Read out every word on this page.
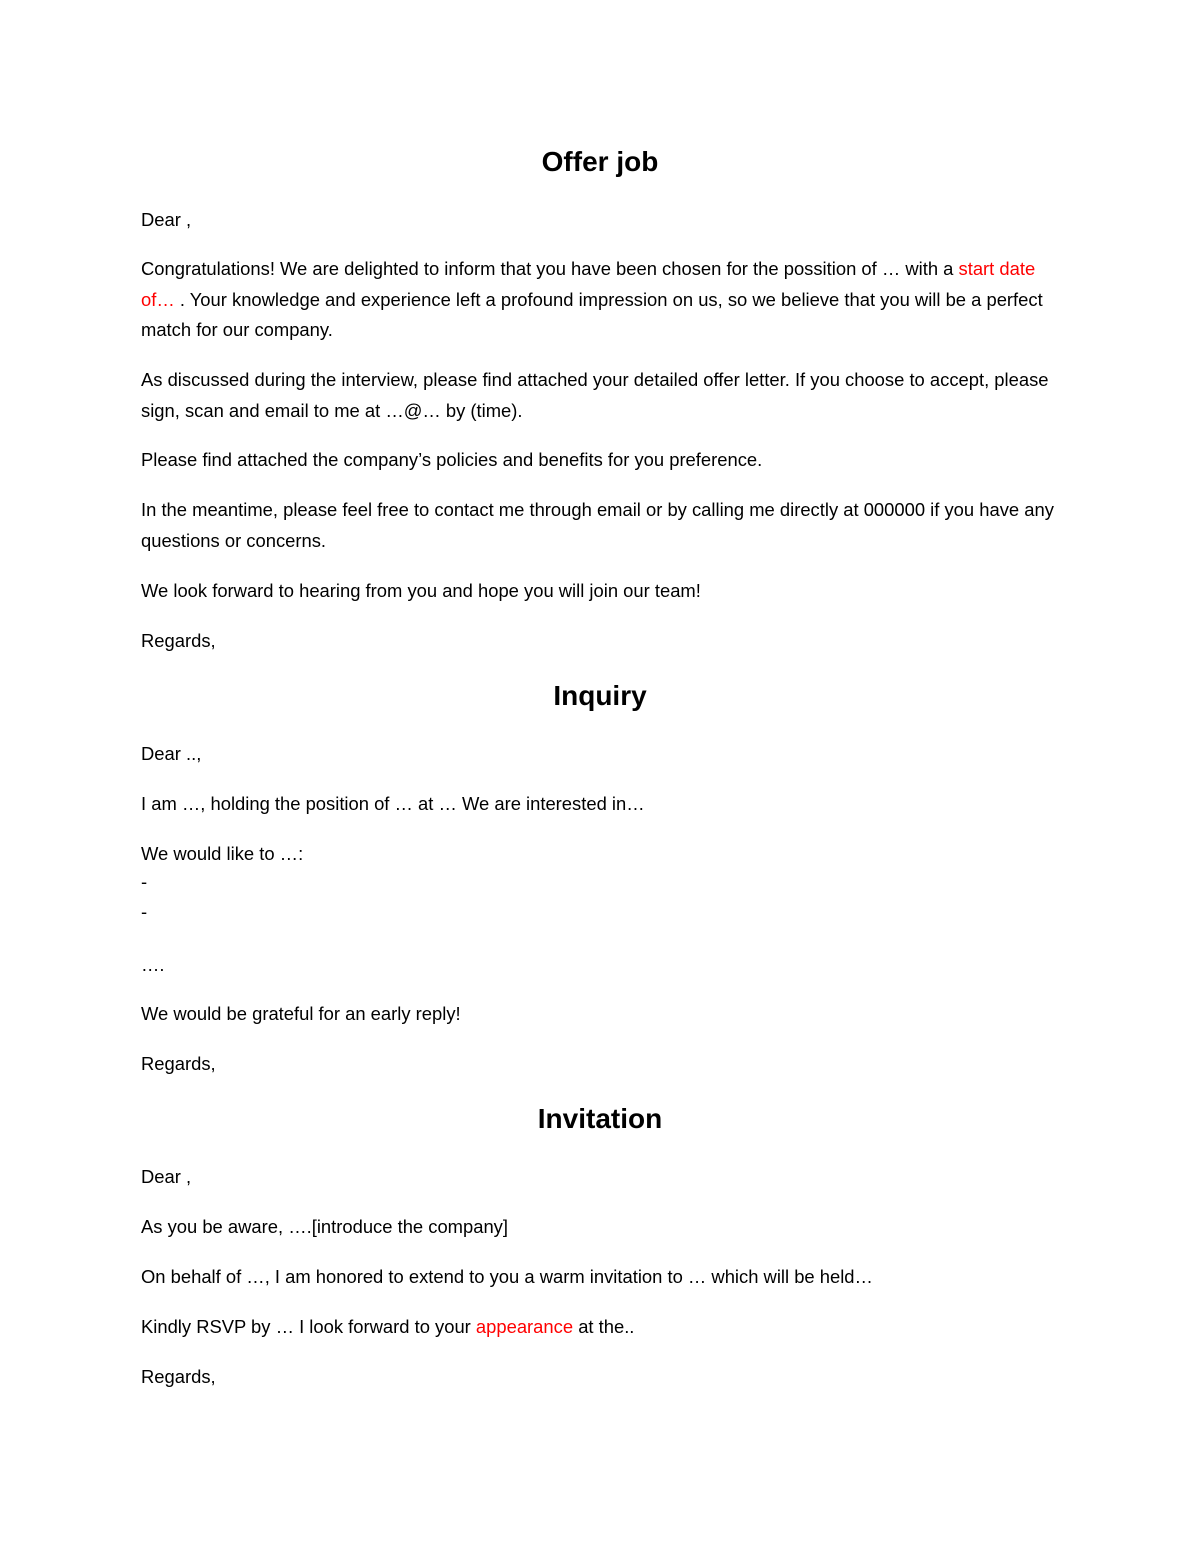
Offer job

Dear ,

Congratulations! We are delighted to inform that you have been chosen for the possition of … with a start date of… . Your knowledge and experience left a profound impression on us, so we believe that you will be a perfect match for our company.

As discussed during the interview, please find attached your detailed offer letter. If you choose to accept, please sign, scan and email to me at …@… by (time).

Please find attached the company’s policies and benefits for you preference.

In the meantime, please feel free to contact me through email or by calling me directly at 000000 if you have any questions or concerns.

We look forward to hearing from you and hope you will join our team!

Regards,

Inquiry

Dear ..,

I am …, holding the position of … at … We are interested in…

We would like to …:

-
-

….

We would be grateful for an early reply!

Regards,

Invitation

Dear ,

As you be aware, ….[introduce the company]

On behalf of …, I am honored to extend to you a warm invitation to … which will be held…

Kindly RSVP by … I look forward to your appearance at the..

Regards,
